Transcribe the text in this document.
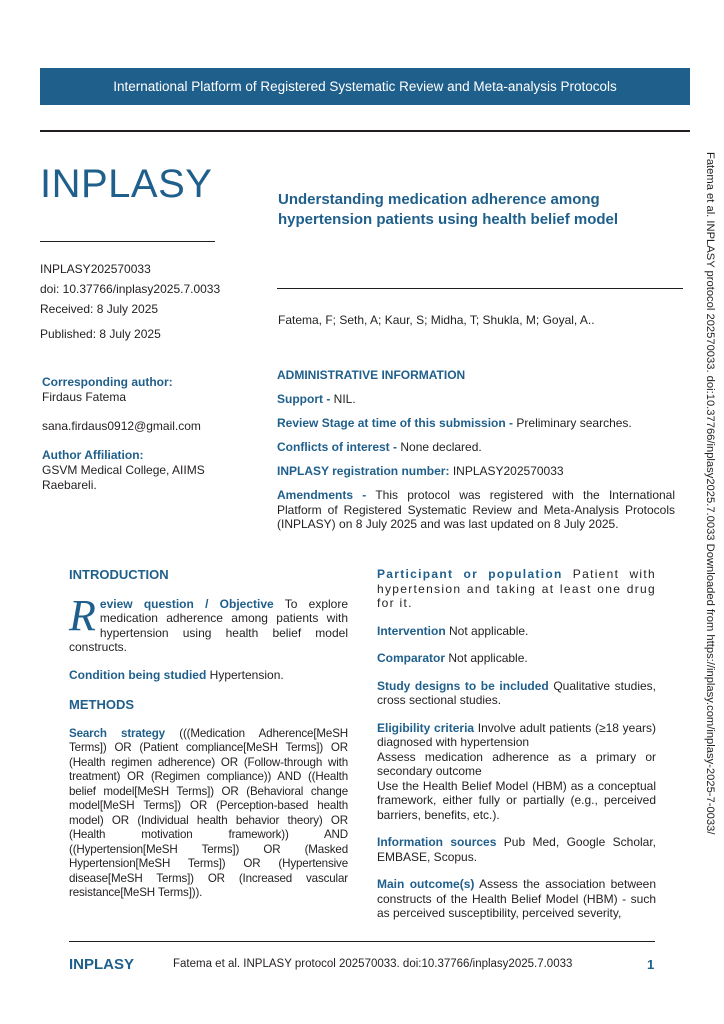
International Platform of Registered Systematic Review and Meta-analysis Protocols
INPLASY	Understanding medication adherence among hypertension patients using health belief model
INPLASY202570033
doi: 10.37766/inplasy2025.7.0033
Received: 8 July 2025
Published: 8 July 2025
Fatema, F; Seth, A; Kaur, S; Midha, T; Shukla, M; Goyal, A..
Corresponding author:
Firdaus Fatema
sana.firdaus0912@gmail.com
Author Affiliation:
GSVM Medical College, AIIMS Raebareli.

ADMINISTRATIVE INFORMATION

Support - NIL.

Review Stage at time of this submission - Preliminary searches.

Conflicts of interest - None declared.

INPLASY registration number: INPLASY202570033

Amendments - This protocol was registered with the International Platform of Registered Systematic Review and Meta-Analysis Protocols (INPLASY) on 8 July 2025 and was last updated on 8 July 2025.

INTRODUCTION

Review question / Objective To explore medication adherence among patients with hypertension using health belief model constructs.

Condition being studied Hypertension.

METHODS

Search strategy (((Medication Adherence[MeSH Terms]) OR (Patient compliance[MeSH Terms]) OR (Health regimen adherence) OR (Follow-through with treatment) OR (Regimen compliance)) AND ((Health belief model[MeSH Terms]) OR (Behavioral change model[MeSH Terms]) OR (Perception-based health model) OR (Individual health behavior theory) OR (Health motivation framework)) AND ((Hypertension[MeSH Terms]) OR (Masked Hypertension[MeSH Terms]) OR (Hypertensive disease[MeSH Terms]) OR (Increased vascular resistance[MeSH Terms])).

Participant or population Patient with hypertension and taking at least one drug for it.

Intervention Not applicable.

Comparator Not applicable.

Study designs to be included Qualitative studies, cross sectional studies.

Eligibility criteria Involve adult patients (≥18 years) diagnosed with hypertension
Assess medication adherence as a primary or secondary outcome
Use the Health Belief Model (HBM) as a conceptual framework, either fully or partially (e.g., perceived barriers, benefits, etc.).

Information sources Pub Med, Google Scholar, EMBASE, Scopus.

Main outcome(s) Assess the association between constructs of the Health Belief Model (HBM) - such as perceived susceptibility, perceived severity,

INPLASY	Fatema et al. INPLASY protocol 202570033. doi:10.37766/inplasy2025.7.0033	1
Fatema et al. INPLASY protocol 202570033. doi:10.37766/inplasy2025.7.0033 Downloaded from https://inplasy.com/inplasy-2025-7-0033/
